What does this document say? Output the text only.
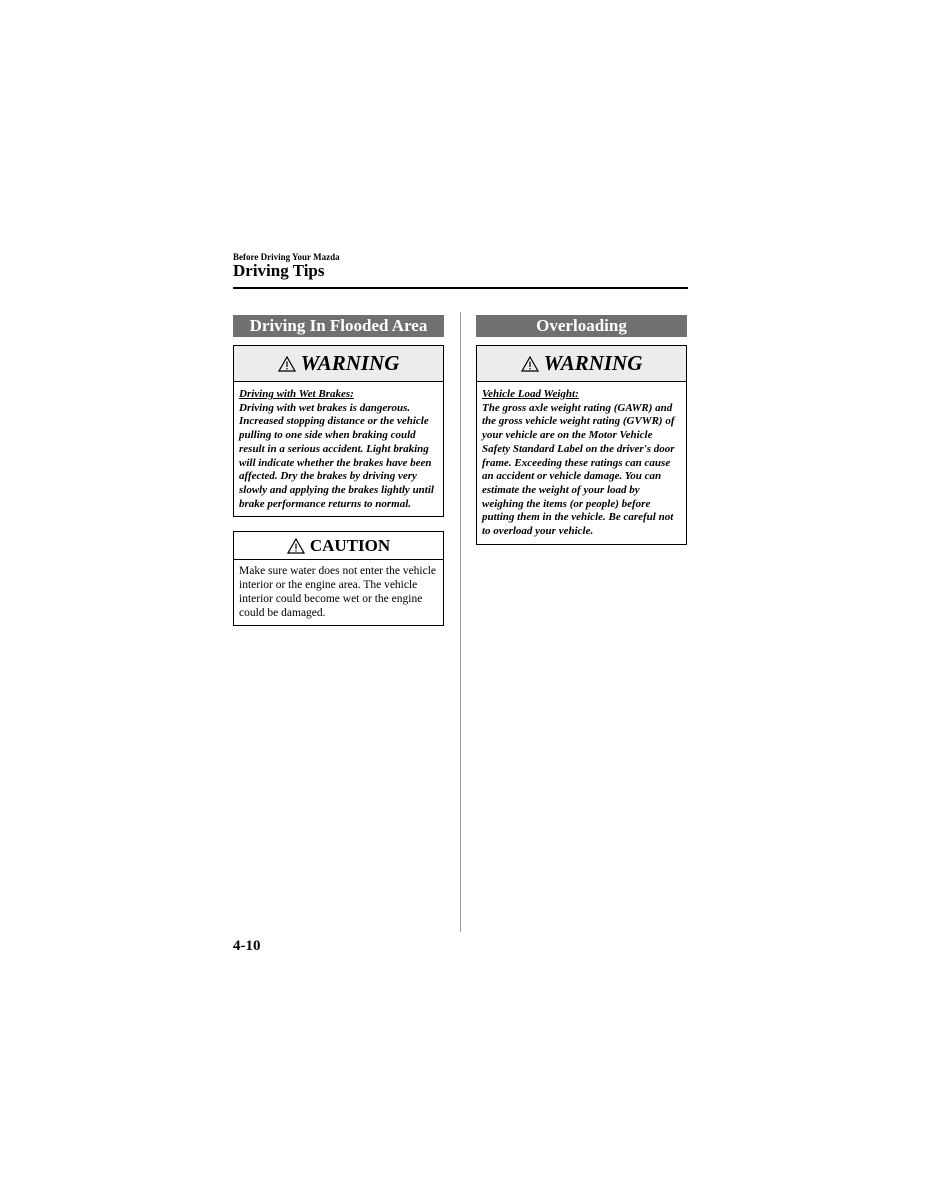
Before Driving Your Mazda
Driving Tips
Driving In Flooded Area
WARNING
Driving with Wet Brakes:
Driving with wet brakes is dangerous. Increased stopping distance or the vehicle pulling to one side when braking could result in a serious accident. Light braking will indicate whether the brakes have been affected. Dry the brakes by driving very slowly and applying the brakes lightly until brake performance returns to normal.
CAUTION
Make sure water does not enter the vehicle interior or the engine area. The vehicle interior could become wet or the engine could be damaged.
Overloading
WARNING
Vehicle Load Weight:
The gross axle weight rating (GAWR) and the gross vehicle weight rating (GVWR) of your vehicle are on the Motor Vehicle Safety Standard Label on the driver's door frame. Exceeding these ratings can cause an accident or vehicle damage. You can estimate the weight of your load by weighing the items (or people) before putting them in the vehicle. Be careful not to overload your vehicle.
4-10
